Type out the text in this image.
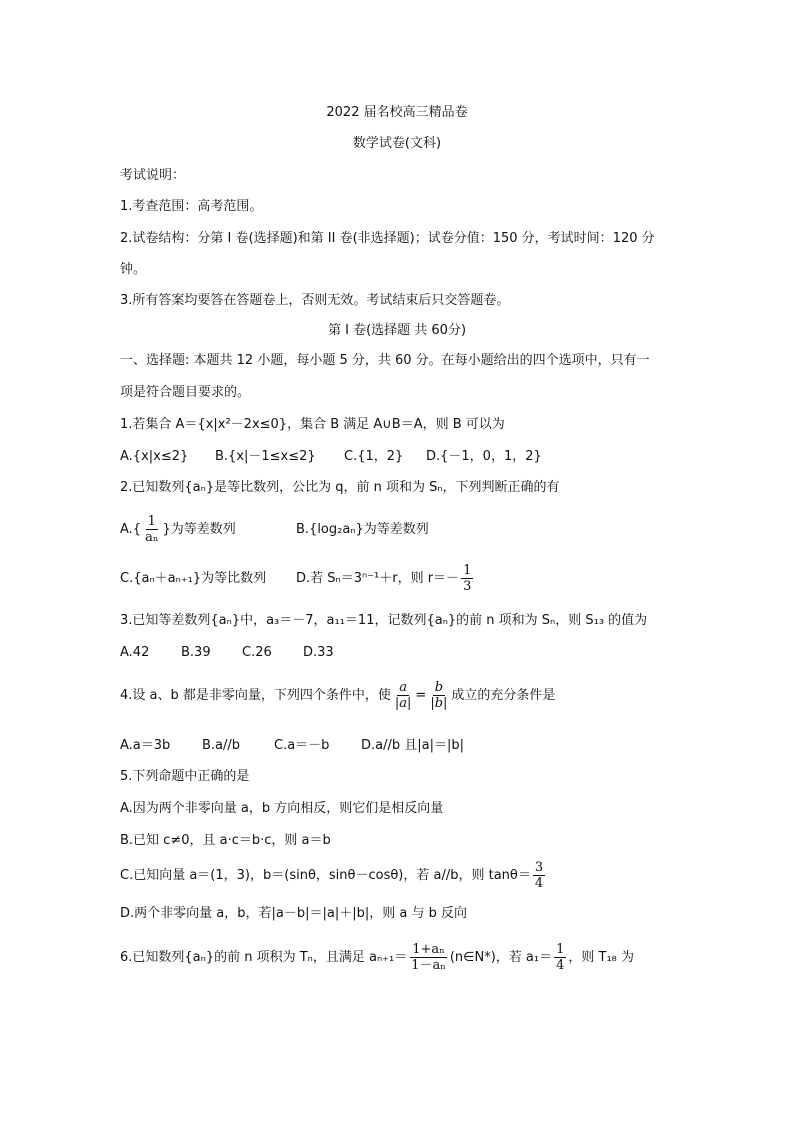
2022 届名校高三精品卷
数学试卷(文科)
考试说明：
1.考查范围：高考范围。
2.试卷结构：分第 I 卷(选择题)和第 II 卷(非选择题)；试卷分值：150 分，考试时间：120 分
钟。
3.所有答案均要答在答题卷上，否则无效。考试结束后只交答题卷。
第 I 卷(选择题 共 60分)
一、选择题: 本题共 12 小题，每小题 5 分，共 60 分。在每小题给出的四个选项中，只有一
项是符合题目要求的。
1.若集合 A＝{x|x²－2x≤0}，集合 B 满足 A∪B＝A，则 B 可以为
A.{x|x≤2} B.{x|－1≤x≤2} C.{1，2} D.{－1，0，1，2}
2.已知数列{aₙ}是等比数列，公比为 q，前 n 项和为 Sₙ，下列判断正确的有
$A.\{ \frac{1}{\text{aₙ}}$ }为等差数列	B.{log₂aₙ}为等差数列
C.{aₙ＋aₙ₊₁}为等比数列 D.若 Sₙ＝3ⁿ⁻¹＋r，则 $r=- \frac{1}{3}$
3.已知等差数列{aₙ}中，a₃＝－7，a₁₁＝11，记数列{aₙ}的前 n 项和为 Sₙ，则 S₁₃ 的值为
A.42 B.39 C.26 D.33
4.设 a、b 都是非零向量，下列四个条件中，使 $\frac{a}{|a|} = \frac{b}{|b|}$ 成立的充分条件是
A.a＝3b B.a//b	C.a＝－b D.a//b 且|a|＝|b|
5.下列命题中正确的是
A.因为两个非零向量 a，b 方向相反，则它们是相反向量
B.已知 c≠0，且 a·c＝b·c，则 a＝b
C.已知向量 a＝(1，3)，b＝(sinθ，sinθ－cosθ)，若 a//b，则 $\tan\theta= \frac{3}{4}$
D.两个非零向量 a，b，若|a－b|＝|a|＋|b|，则 a 与 b 反向
6.已知数列{aₙ}的前 n 项积为 Tₙ，且满足 $a_{n+1}= \frac{\text{1+aₙ}}{\text{1－aₙ}}$ (n∈N*)，若 $a_1= \frac{1}{4}$ ，则 T₁₈ 为
